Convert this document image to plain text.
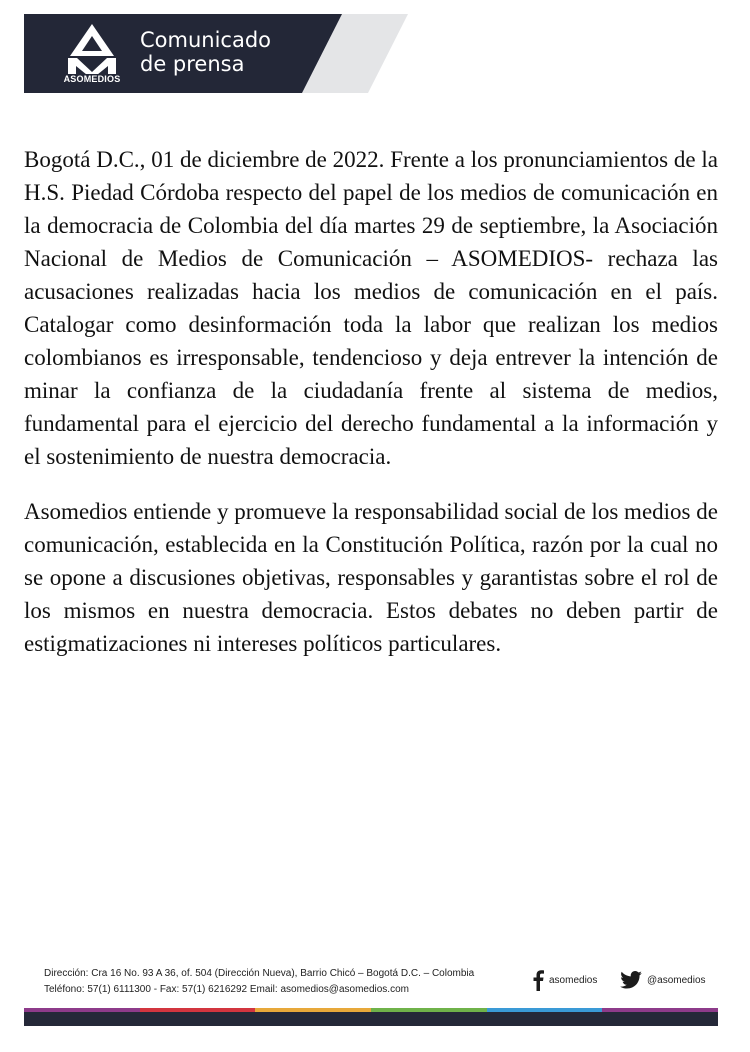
ASOMEDIOS
Comunicado
de prensa

Bogotá D.C., 01 de diciembre de 2022. Frente a los pronunciamientos de la H.S. Piedad Córdoba respecto del papel de los medios de comunicación en la democracia de Colombia del día martes 29 de septiembre, la Asociación Nacional de Medios de Comunicación – ASOMEDIOS- rechaza las acusaciones realizadas hacia los medios de comunicación en el país. Catalogar como desinformación toda la labor que realizan los medios colombianos es irresponsable, tendencioso y deja entrever la intención de minar la confianza de la ciudadanía frente al sistema de medios, fundamental para el ejercicio del derecho fundamental a la información y el sostenimiento de nuestra democracia.

Asomedios entiende y promueve la responsabilidad social de los medios de comunicación, establecida en la Constitución Política, razón por la cual no se opone a discusiones objetivas, responsables y garantistas sobre el rol de los mismos en nuestra democracia. Estos debates no deben partir de estigmatizaciones ni intereses políticos particulares.

Dirección: Cra 16 No. 93 A 36, of. 504 (Dirección Nueva), Barrio Chicó – Bogotá D.C. – Colombia
Teléfono: 57(1) 6111300 - Fax: 57(1) 6216292 Email: asomedios@asomedios.com
asomedios	@asomedios
